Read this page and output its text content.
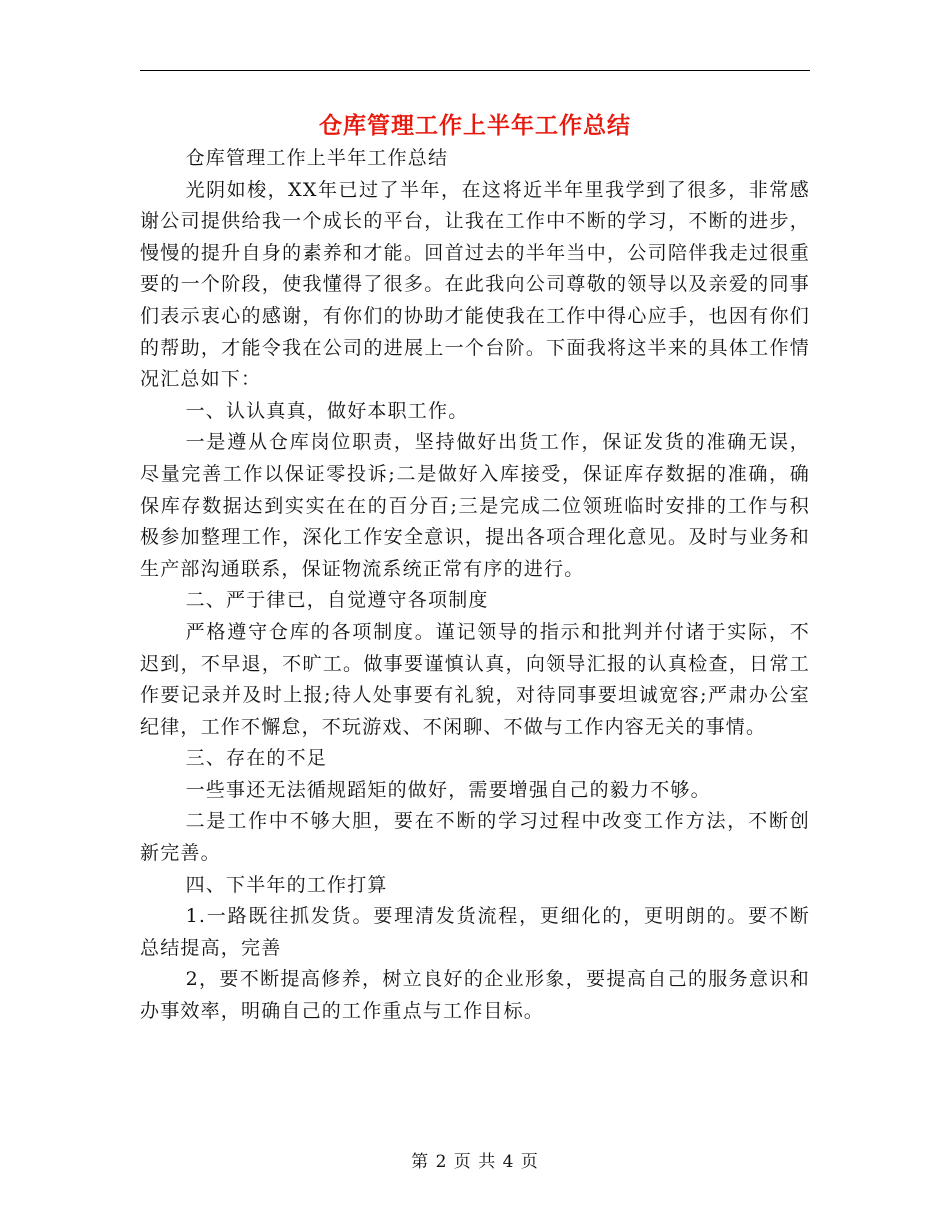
仓库管理工作上半年工作总结

仓库管理工作上半年工作总结

光阴如梭，XX年已过了半年，在这将近半年里我学到了很多，非常感谢公司提供给我一个成长的平台，让我在工作中不断的学习，不断的进步，慢慢的提升自身的素养和才能。回首过去的半年当中，公司陪伴我走过很重要的一个阶段，使我懂得了很多。在此我向公司尊敬的领导以及亲爱的同事们表示衷心的感谢，有你们的协助才能使我在工作中得心应手，也因有你们的帮助，才能令我在公司的进展上一个台阶。下面我将这半来的具体工作情况汇总如下：

一、认认真真，做好本职工作。

一是遵从仓库岗位职责，坚持做好出货工作，保证发货的准确无误，尽量完善工作以保证零投诉;二是做好入库接受，保证库存数据的准确，确保库存数据达到实实在在的百分百;三是完成二位领班临时安排的工作与积极参加整理工作，深化工作安全意识，提出各项合理化意见。及时与业务和生产部沟通联系，保证物流系统正常有序的进行。

二、严于律已，自觉遵守各项制度

严格遵守仓库的各项制度。谨记领导的指示和批判并付诸于实际，不迟到，不早退，不旷工。做事要谨慎认真，向领导汇报的认真检查，日常工作要记录并及时上报;待人处事要有礼貌，对待同事要坦诚宽容;严肃办公室纪律，工作不懈怠，不玩游戏、不闲聊、不做与工作内容无关的事情。

三、存在的不足

一些事还无法循规蹈矩的做好，需要增强自己的毅力不够。

二是工作中不够大胆，要在不断的学习过程中改变工作方法，不断创新完善。

四、下半年的工作打算

1.一路既往抓发货。要理清发货流程，更细化的，更明朗的。要不断总结提高，完善

2，要不断提高修养，树立良好的企业形象，要提高自己的服务意识和办事效率，明确自己的工作重点与工作目标。

第 2 页 共 4 页
